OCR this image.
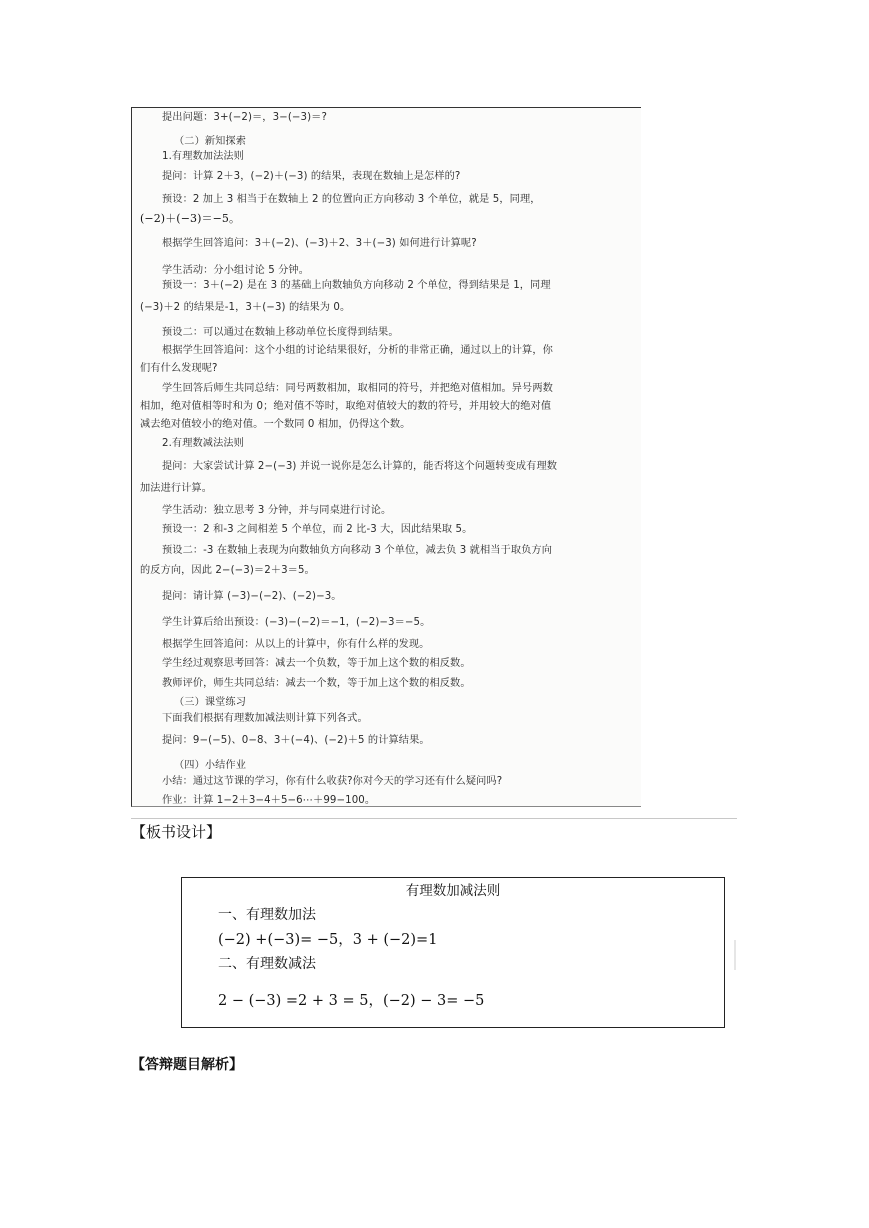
提出问题：3+(−2)＝，3−(−3)＝?
（二）新知探索
1.有理数加法法则
提问：计算 2＋3，(−2)＋(−3) 的结果，表现在数轴上是怎样的?
预设：2 加上 3 相当于在数轴上 2 的位置向正方向移动 3 个单位，就是 5，同理，
(−2)＋(−3)＝−5。
根据学生回答追问：3＋(−2)、(−3)＋2、3＋(−3) 如何进行计算呢?
学生活动：分小组讨论 5 分钟。
预设一：3＋(−2) 是在 3 的基础上向数轴负方向移动 2 个单位，得到结果是 1，同理
(−3)＋2 的结果是-1，3＋(−3) 的结果为 0。
预设二：可以通过在数轴上移动单位长度得到结果。
根据学生回答追问：这个小组的讨论结果很好，分析的非常正确，通过以上的计算，你
们有什么发现呢?
学生回答后师生共同总结：同号两数相加，取相同的符号，并把绝对值相加。异号两数
相加，绝对值相等时和为 0；绝对值不等时，取绝对值较大的数的符号，并用较大的绝对值
减去绝对值较小的绝对值。一个数同 0 相加，仍得这个数。
2.有理数减法法则
提问：大家尝试计算 2−(−3) 并说一说你是怎么计算的，能否将这个问题转变成有理数
加法进行计算。
学生活动：独立思考 3 分钟，并与同桌进行讨论。
预设一：2 和-3 之间相差 5 个单位，而 2 比-3 大，因此结果取 5。
预设二：-3 在数轴上表现为向数轴负方向移动 3 个单位，减去负 3 就相当于取负方向
的反方向，因此 2−(−3)＝2＋3＝5。
提问：请计算 (−3)−(−2)、(−2)−3。
学生计算后给出预设：(−3)−(−2)＝−1，(−2)−3＝−5。
根据学生回答追问：从以上的计算中，你有什么样的发现。
学生经过观察思考回答：减去一个负数，等于加上这个数的相反数。
教师评价，师生共同总结：减去一个数，等于加上这个数的相反数。
（三）课堂练习
下面我们根据有理数加减法则计算下列各式。
提问：9−(−5)、0−8、3＋(−4)、(−2)＋5 的计算结果。
（四）小结作业
小结：通过这节课的学习，你有什么收获?你对今天的学习还有什么疑问吗?
作业：计算 1−2＋3−4＋5−6⋯＋99−100。
【板书设计】
有理数加减法则
一、有理数加法
(−2) +(−3)= −5，3 + (−2)=1
二、有理数减法
2 − (−3) =2 + 3 = 5，(−2) − 3= −5
【答辩题目解析】
